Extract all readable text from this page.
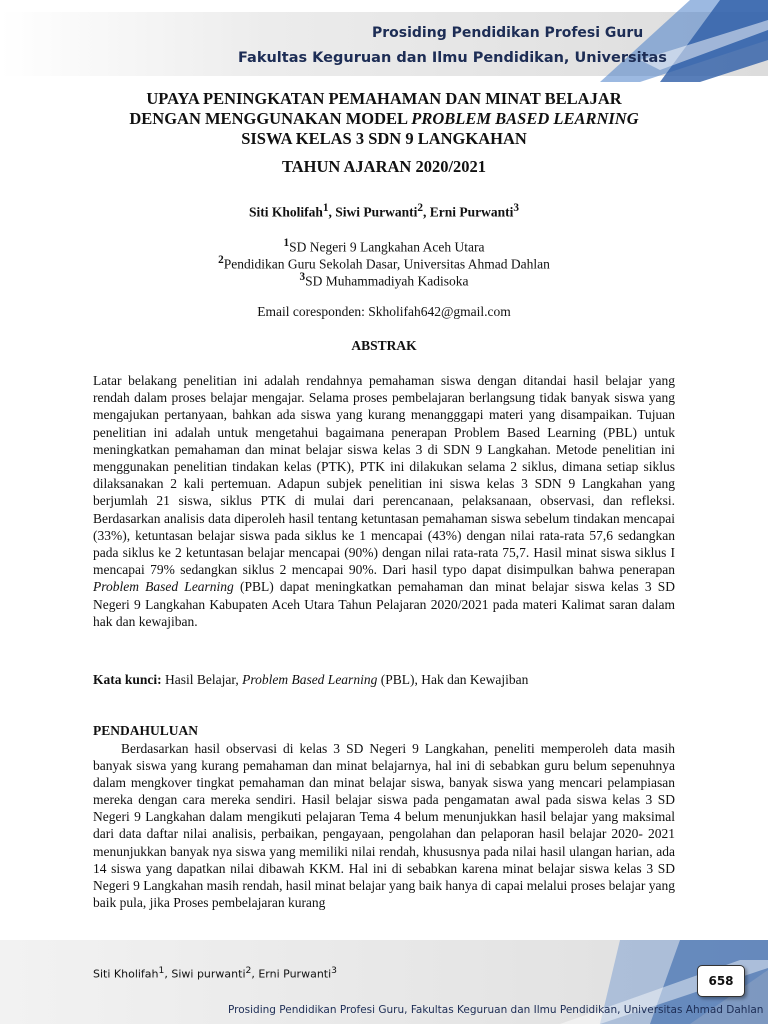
Prosiding Pendidikan Profesi Guru
Fakultas Keguruan dan Ilmu Pendidikan, Universitas
UPAYA PENINGKATAN PEMAHAMAN DAN MINAT BELAJAR
DENGAN MENGGUNAKAN MODEL PROBLEM BASED LEARNING
SISWA KELAS 3 SDN 9 LANGKAHAN
TAHUN AJARAN 2020/2021
Siti Kholifah$^1$, Siwi Purwanti$^2$, Erni Purwanti$^3$
$^1$SD Negeri 9 Langkahan Aceh Utara
$^2$Pendidikan Guru Sekolah Dasar, Universitas Ahmad Dahlan
$^3$SD Muhammadiyah Kadisoka
Email coresponden: Skholifah642@gmail.com
ABSTRAK

Latar belakang penelitian ini adalah rendahnya pemahaman siswa dengan ditandai hasil belajar yang rendah dalam proses belajar mengajar. Selama proses pembelajaran berlangsung tidak banyak siswa yang mengajukan pertanyaan, bahkan ada siswa yang kurang menangggapi materi yang disampaikan. Tujuan penelitian ini adalah untuk mengetahui bagaimana penerapan Problem Based Learning (PBL) untuk meningkatkan pemahaman dan minat belajar siswa kelas 3 di SDN 9 Langkahan. Metode penelitian ini menggunakan penelitian tindakan kelas (PTK), PTK ini dilakukan selama 2 siklus, dimana setiap siklus dilaksanakan 2 kali pertemuan. Adapun subjek penelitian ini siswa kelas 3 SDN 9 Langkahan yang berjumlah 21 siswa, siklus PTK di mulai dari perencanaan, pelaksanaan, observasi, dan refleksi. Berdasarkan analisis data diperoleh hasil tentang ketuntasan pemahaman siswa sebelum tindakan mencapai (33%), ketuntasan belajar siswa pada siklus ke 1 mencapai (43%) dengan nilai rata-rata 57,6 sedangkan pada siklus ke 2 ketuntasan belajar mencapai (90%) dengan nilai rata-rata 75,7. Hasil minat siswa siklus I mencapai 79% sedangkan siklus 2 mencapai 90%. Dari hasil typo dapat disimpulkan bahwa penerapan Problem Based Learning (PBL) dapat meningkatkan pemahaman dan minat belajar siswa kelas 3 SD Negeri 9 Langkahan Kabupaten Aceh Utara Tahun Pelajaran 2020/2021 pada materi Kalimat saran dalam hak dan kewajiban.

Kata kunci: Hasil Belajar, Problem Based Learning (PBL), Hak dan Kewajiban

PENDAHULUAN

Berdasarkan hasil observasi di kelas 3 SD Negeri 9 Langkahan, peneliti memperoleh data masih banyak siswa yang kurang pemahaman dan minat belajarnya, hal ini di sebabkan guru belum sepenuhnya dalam mengkover tingkat pemahaman dan minat belajar siswa, banyak siswa yang mencari pelampiasan mereka dengan cara mereka sendiri. Hasil belajar siswa pada pengamatan awal pada siswa kelas 3 SD Negeri 9 Langkahan dalam mengikuti pelajaran Tema 4 belum menunjukkan hasil belajar yang maksimal dari data daftar nilai analisis, perbaikan, pengayaan, pengolahan dan pelaporan hasil belajar 2020- 2021 menunjukkan banyak nya siswa yang memiliki nilai rendah, khususnya pada nilai hasil ulangan harian, ada 14 siswa yang dapatkan nilai dibawah KKM. Hal ini di sebabkan karena minat belajar siswa kelas 3 SD Negeri 9 Langkahan masih rendah, hasil minat belajar yang baik hanya di capai melalui proses belajar yang baik pula, jika Proses pembelajaran kurang

Siti Kholifah$^1$, Siwi purwanti$^2$, Erni Purwanti$^3$
658
Prosiding Pendidikan Profesi Guru, Fakultas Keguruan dan Ilmu Pendidikan, Universitas Ahmad Dahlan
